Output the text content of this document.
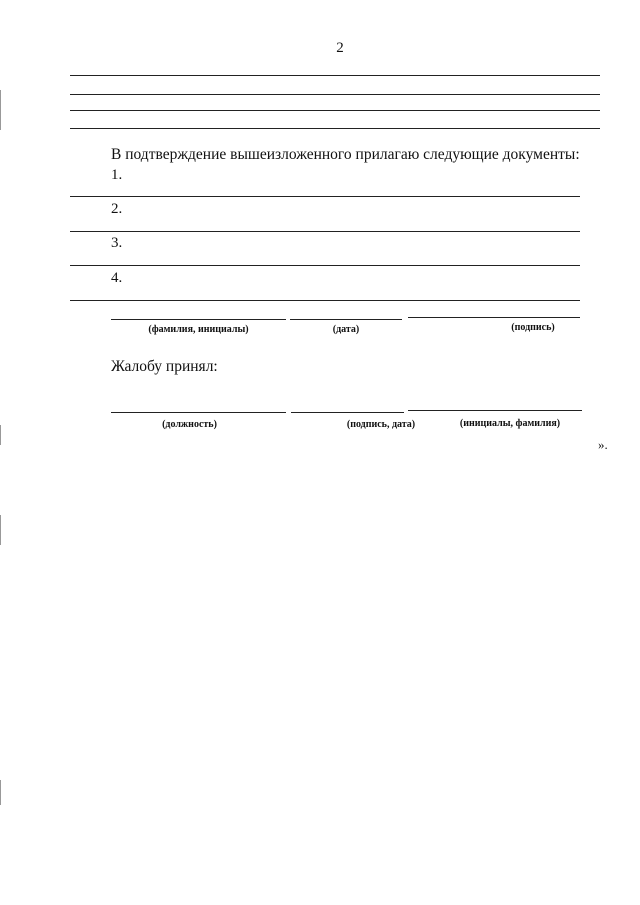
2
В подтверждение вышеизложенного прилагаю следующие документы:
1.
2.
3.
4.
(фамилия, инициалы)	(дата)	(подпись)
Жалобу принял:
(должность)	(подпись, дата)	(инициалы, фамилия)
».
